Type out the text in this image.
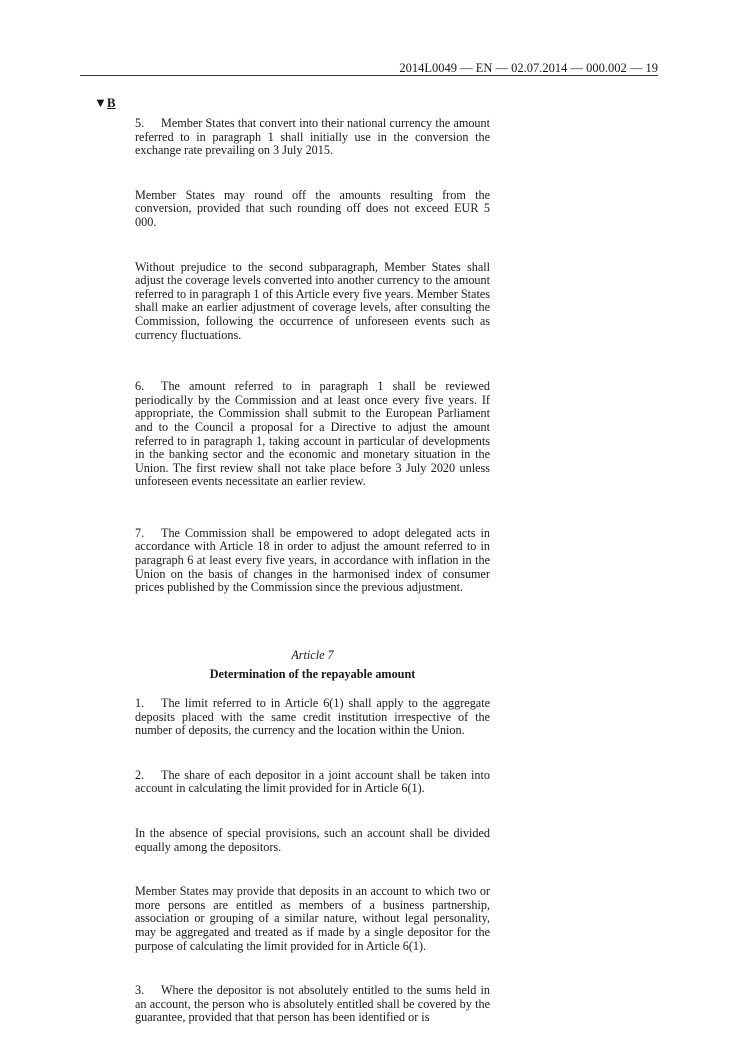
2014L0049 — EN — 02.07.2014 — 000.002 — 19
▼B

5. Member States that convert into their national currency the amount referred to in paragraph 1 shall initially use in the conversion the exchange rate prevailing on 3 July 2015.

Member States may round off the amounts resulting from the conversion, provided that such rounding off does not exceed EUR 5 000.

Without prejudice to the second subparagraph, Member States shall adjust the coverage levels converted into another currency to the amount referred to in paragraph 1 of this Article every five years. Member States shall make an earlier adjustment of coverage levels, after consulting the Commission, following the occurrence of unforeseen events such as currency fluctuations.

6. The amount referred to in paragraph 1 shall be reviewed periodically by the Commission and at least once every five years. If appropriate, the Commission shall submit to the European Parliament and to the Council a proposal for a Directive to adjust the amount referred to in paragraph 1, taking account in particular of developments in the banking sector and the economic and monetary situation in the Union. The first review shall not take place before 3 July 2020 unless unforeseen events necessitate an earlier review.

7. The Commission shall be empowered to adopt delegated acts in accordance with Article 18 in order to adjust the amount referred to in paragraph 6 at least every five years, in accordance with inflation in the Union on the basis of changes in the harmonised index of consumer prices published by the Commission since the previous adjustment.

Article 7

Determination of the repayable amount

1. The limit referred to in Article 6(1) shall apply to the aggregate deposits placed with the same credit institution irrespective of the number of deposits, the currency and the location within the Union.

2. The share of each depositor in a joint account shall be taken into account in calculating the limit provided for in Article 6(1).

In the absence of special provisions, such an account shall be divided equally among the depositors.

Member States may provide that deposits in an account to which two or more persons are entitled as members of a business partnership, association or grouping of a similar nature, without legal personality, may be aggregated and treated as if made by a single depositor for the purpose of calculating the limit provided for in Article 6(1).

3. Where the depositor is not absolutely entitled to the sums held in an account, the person who is absolutely entitled shall be covered by the guarantee, provided that that person has been identified or is
